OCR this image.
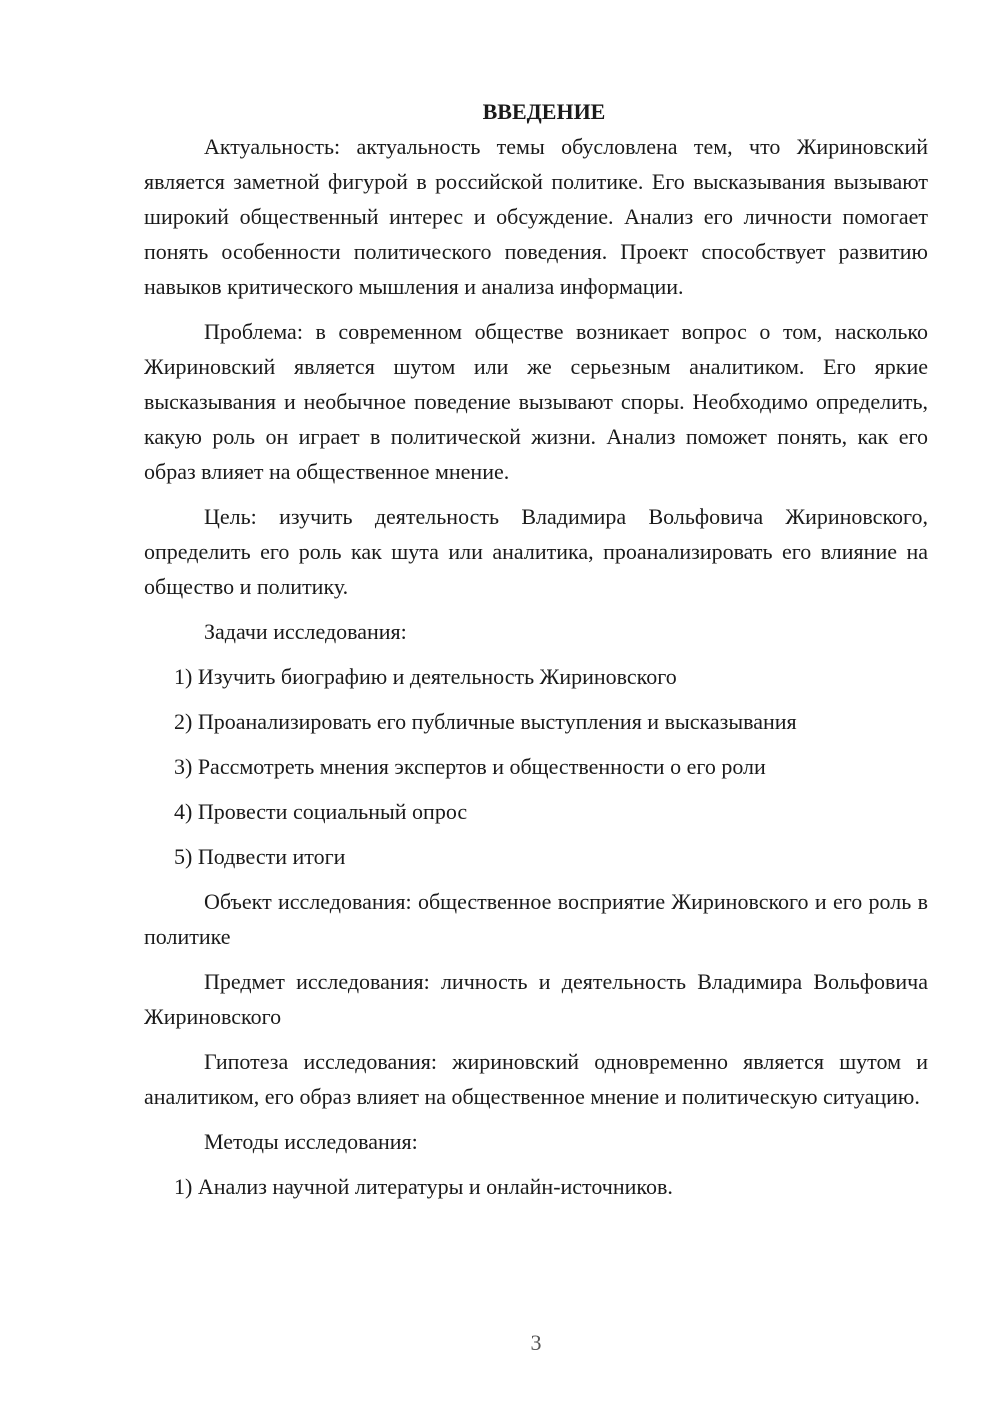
ВВЕДЕНИЕ

Актуальность: актуальность темы обусловлена тем, что Жириновский является заметной фигурой в российской политике. Его высказывания вызывают широкий общественный интерес и обсуждение. Анализ его личности помогает понять особенности политического поведения. Проект способствует развитию навыков критического мышления и анализа информации.

Проблема: в современном обществе возникает вопрос о том, насколько Жириновский является шутом или же серьезным аналитиком. Его яркие высказывания и необычное поведение вызывают споры. Необходимо определить, какую роль он играет в политической жизни. Анализ поможет понять, как его образ влияет на общественное мнение.

Цель: изучить деятельность Владимира Вольфовича Жириновского, определить его роль как шута или аналитика, проанализировать его влияние на общество и политику.

Задачи исследования:

1) Изучить биографию и деятельность Жириновского

2) Проанализировать его публичные выступления и высказывания

3) Рассмотреть мнения экспертов и общественности о его роли

4) Провести социальный опрос

5) Подвести итоги

Объект исследования: общественное восприятие Жириновского и его роль в политике

Предмет исследования: личность и деятельность Владимира Вольфовича Жириновского

Гипотеза исследования: жириновский одновременно является шутом и аналитиком, его образ влияет на общественное мнение и политическую ситуацию.

Методы исследования:

1) Анализ научной литературы и онлайн-источников.

3
